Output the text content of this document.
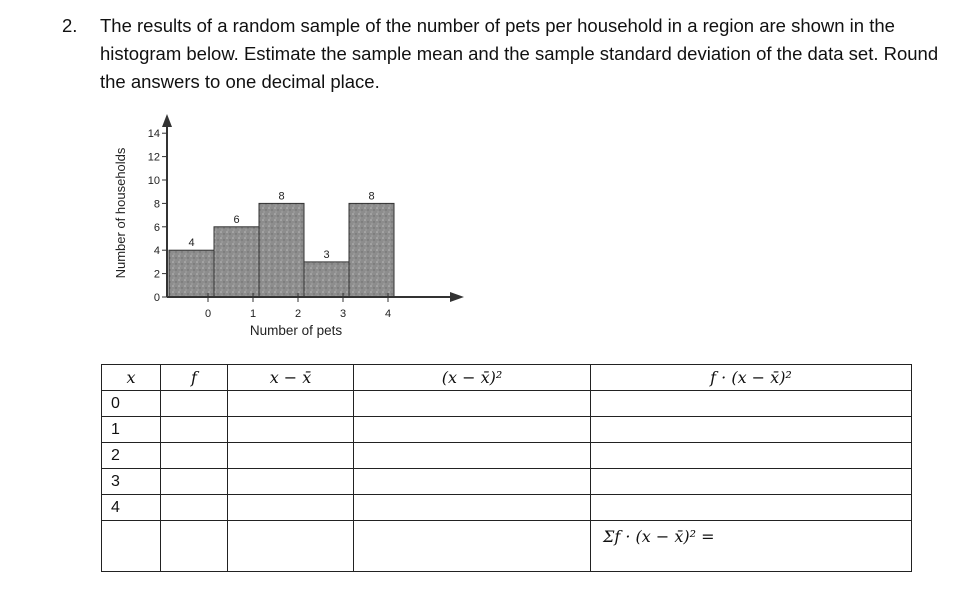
2. The results of a random sample of the number of pets per household in a region are shown in the histogram below. Estimate the sample mean and the sample standard deviation of the data set. Round the answers to one decimal place.
0
2
4
6
8
10
12
14
0	1	2	3	4
4
6
8
3
8
Number of pets
Number of households
x	f	x − x̄	(x − x̄)²	f · (x − x̄)²
0				
1				
2				
3				
4				
				Σf · (x − x̄)² =
